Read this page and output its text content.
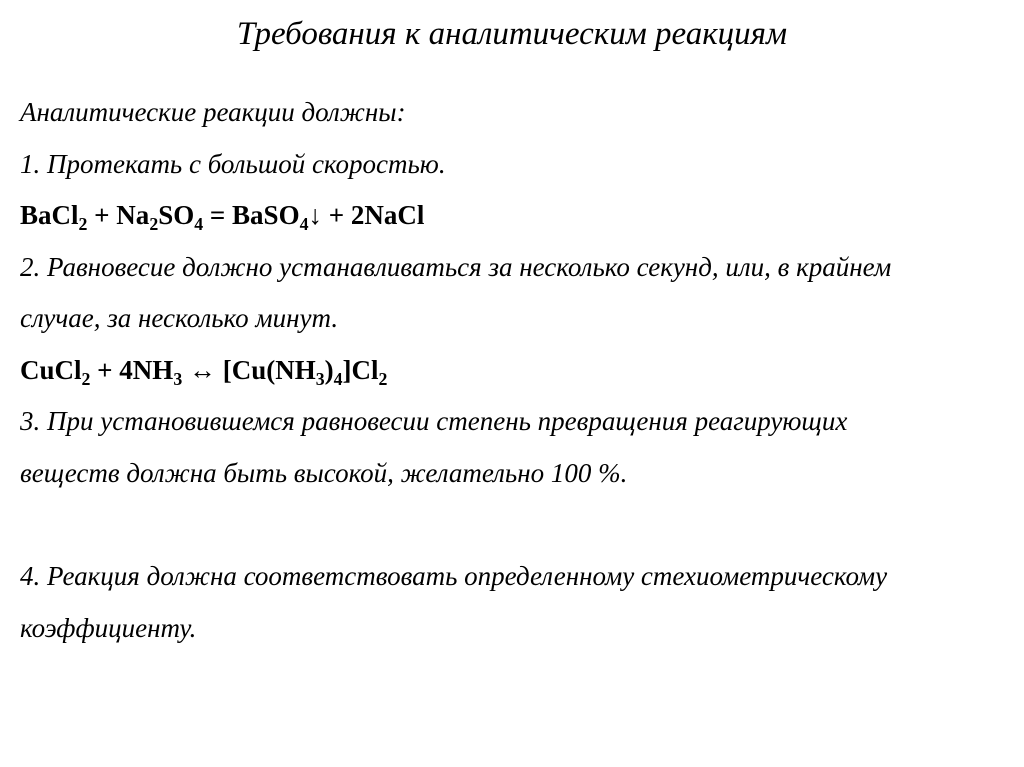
Требования к аналитическим реакциям
Аналитические реакции должны:
1. Протекать с большой скоростью.
BaCl$_2$ + $Na_2SO_4$ = BaSO$_4$↓ + 2NaCl
2. Равновесие должно устанавливаться за несколько секунд, или, в крайнем
случае, за несколько минут.
CuCl$_2$ + $4NH_3$ ↔ $[Cu(NH_3)_4]Cl_2$
3. При установившемся равновесии степень превращения реагирующих
веществ должна быть высокой, желательно 100 %.
4. Реакция должна соответствовать определенному стехиометрическому
коэффициенту.
